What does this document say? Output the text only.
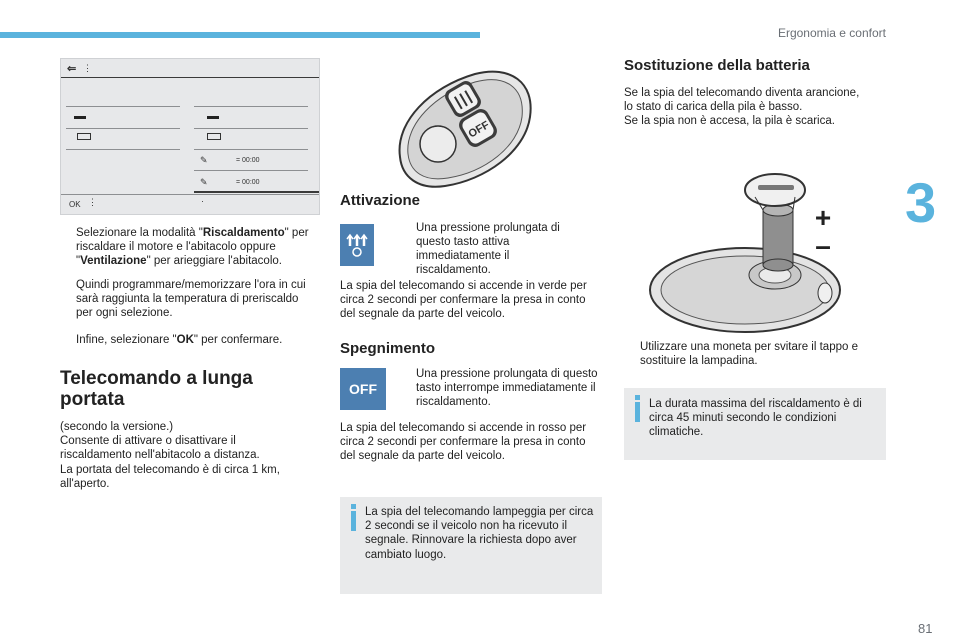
Ergonomia e confort
3
⇐ ⋮
✎	= 00:00
✎	= 00:00
OK ⋮	·

Selezionare la modalità "Riscaldamento" per riscaldare il motore e l'abitacolo oppure "Ventilazione" per arieggiare l'abitacolo.

Quindi programmare/memorizzare l'ora in cui sarà raggiunta la temperatura di preriscaldo per ogni selezione.

Infine, selezionare "OK" per confermare.

Telecomando a lunga portata

(secondo la versione.)

Consente di attivare o disattivare il

riscaldamento nell'abitacolo a distanza.

La portata del telecomando è di circa 1 km,

all'aperto.

OFF
Attivazione

Una pressione prolungata di questo tasto attiva immediatamente il riscaldamento.

La spia del telecomando si accende in verde per circa 2 secondi per confermare la presa in conto del segnale da parte del veicolo.

Spegnimento
OFF

Una pressione prolungata di questo tasto interrompe immediatamente il riscaldamento.

La spia del telecomando si accende in rosso per circa 2 secondi per confermare la presa in conto del segnale da parte del veicolo.

La spia del telecomando lampeggia per circa 2 secondi se il veicolo non ha ricevuto il segnale. Rinnovare la richiesta dopo aver cambiato luogo.

Sostituzione della batteria

Se la spia del telecomando diventa arancione,

lo stato di carica della pila è basso.

Se la spia non è accesa, la pila è scarica.

+
–

Utilizzare una moneta per svitare il tappo e sostituire la lampadina.

La durata massima del riscaldamento è di circa 45 minuti secondo le condizioni climatiche.

81
